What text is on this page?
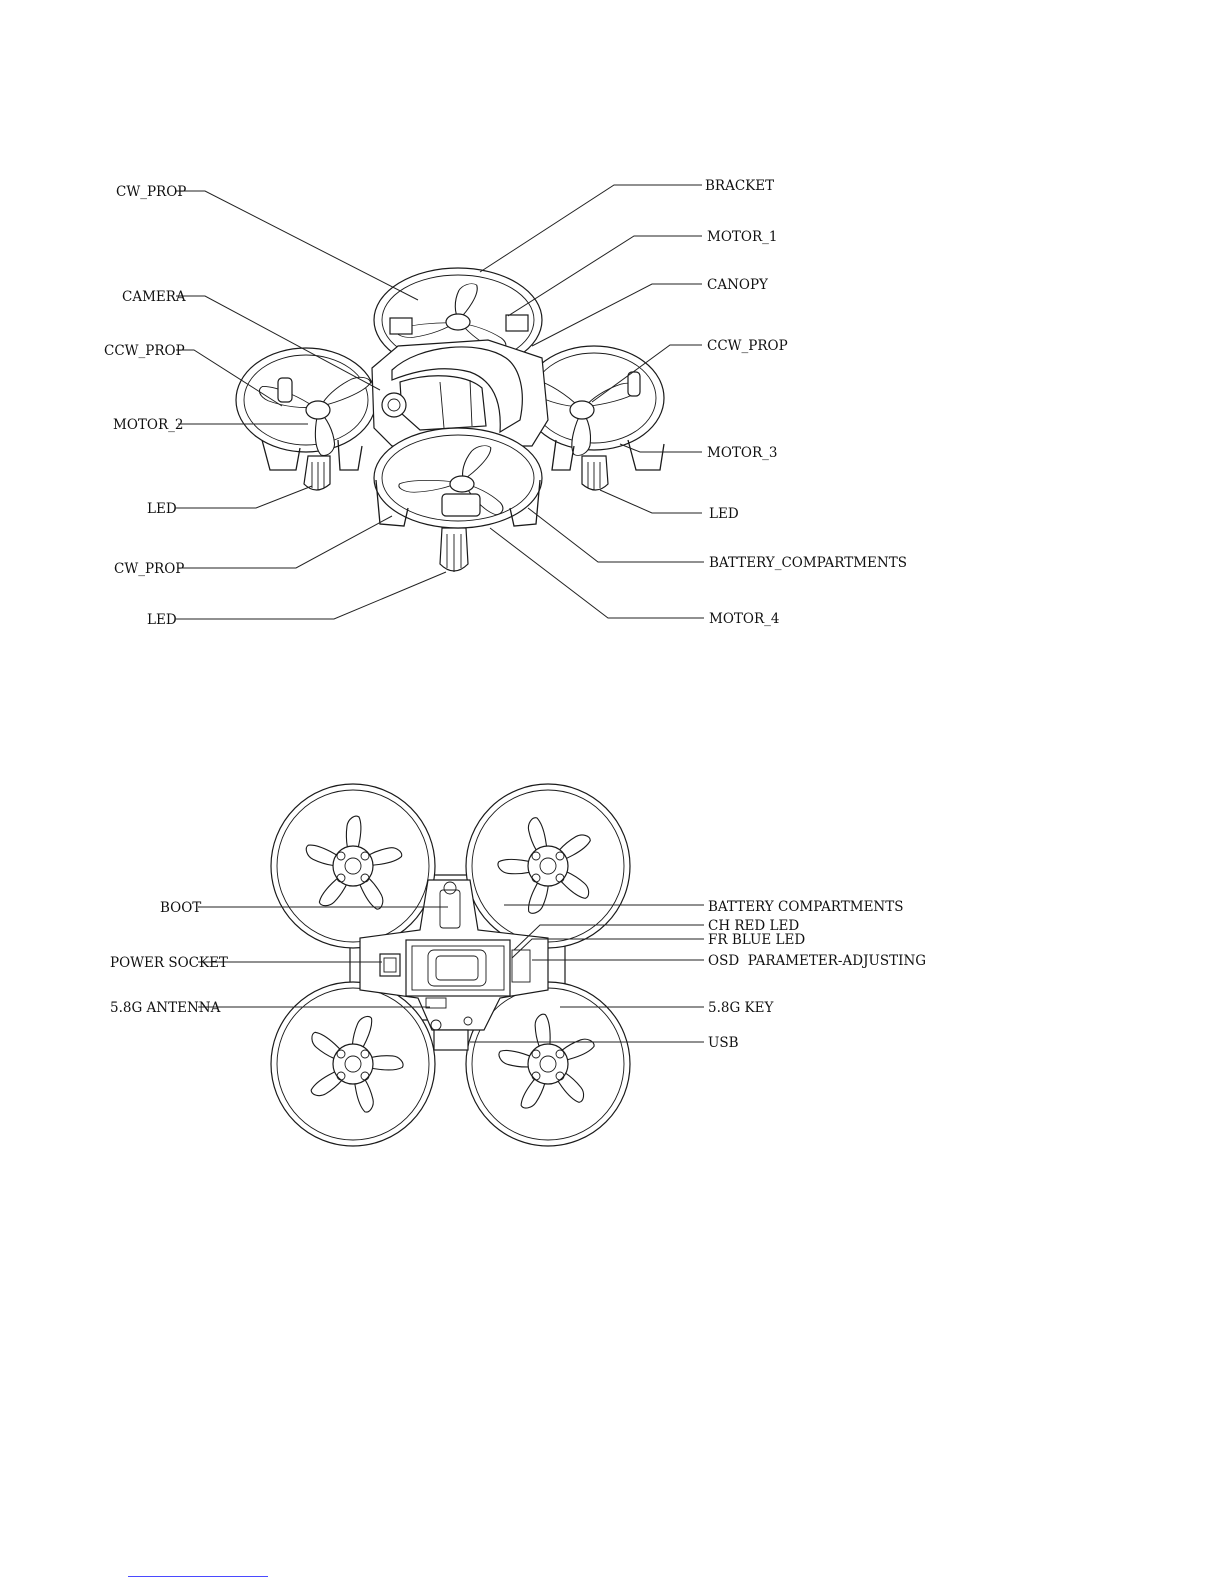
CW_PROP
CAMERA
CCW_PROP
MOTOR_2
LED
CW_PROP
LED
BRACKET
MOTOR_1
CANOPY
CCW_PROP
MOTOR_3
LED
BATTERY_COMPARTMENTS
MOTOR_4
BOOT
POWER SOCKET
5.8G ANTENNA
BATTERY COMPARTMENTS
CH RED LED
FR BLUE LED
OSD  PARAMETER-ADJUSTING
5.8G KEY
USB
